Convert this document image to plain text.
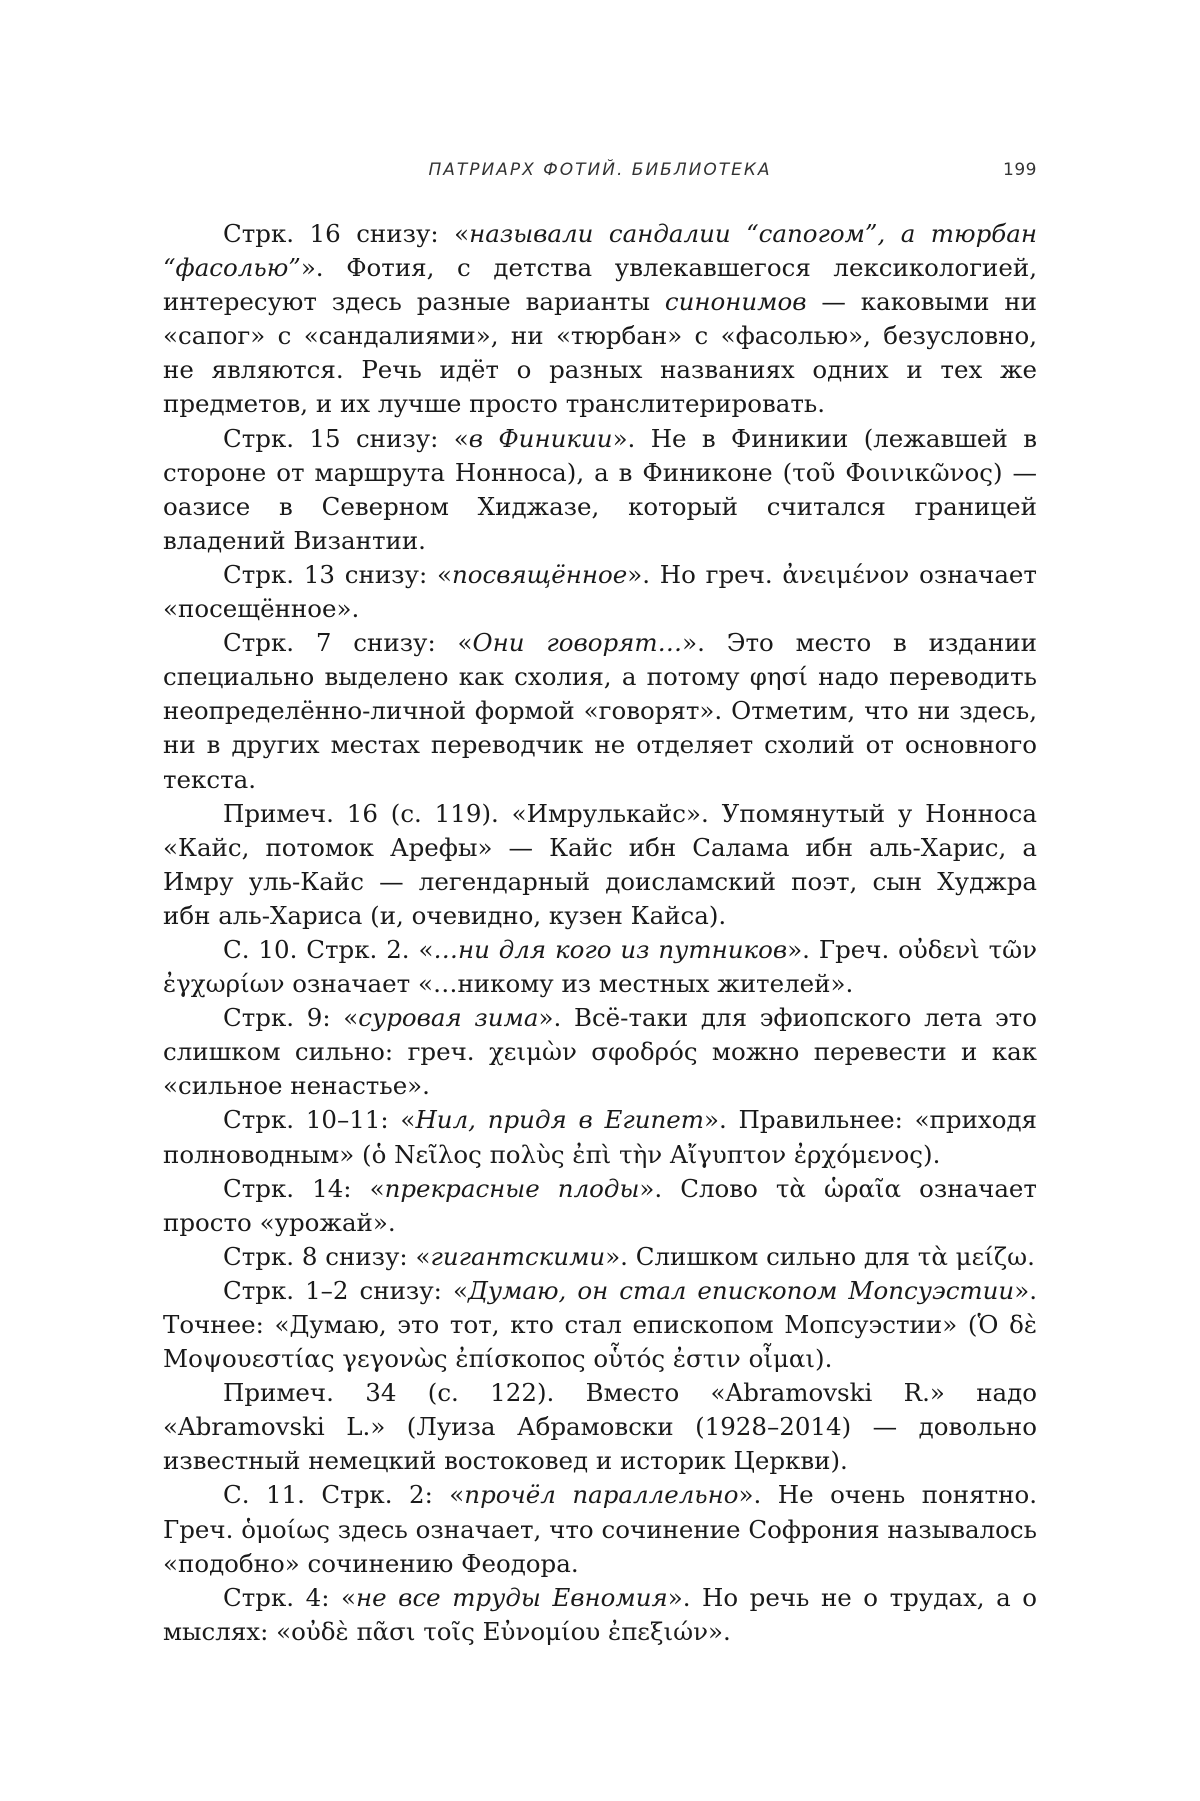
ПАТРИАРХ ФОТИЙ. БИБЛИОТЕКА	199

Стрк. 16 снизу: «называли сандалии “сапогом”, а тюрбан “фасолью”». Фотия, с детства увлекавшегося лексикологией, интересуют здесь разные варианты синонимов — каковыми ни «сапог» с «сандалиями», ни «тюрбан» с «фасолью», безусловно, не являются. Речь идёт о разных названиях одних и тех же предметов, и их лучше просто транслитерировать.

Стрк. 15 снизу: «в Финикии». Не в Финикии (лежавшей в стороне от маршрута Нонноса), а в Финиконе (τοῦ Φοινικῶνος) — оазисе в Северном Хиджазе, который считался границей владений Византии.

Стрк. 13 снизу: «посвящённое». Но греч. ἀνειμένον означает «посещённое».

Стрк. 7 снизу: «Они говорят…». Это место в издании специально выделено как схолия, а потому φησί надо переводить неопределённо-личной формой «говорят». Отметим, что ни здесь, ни в других местах переводчик не отделяет схолий от основного текста.

Примеч. 16 (с. 119). «Имрулькайс». Упомянутый у Нонноса «Кайс, потомок Арефы» — Кайс ибн Салама ибн аль-Харис, а Имру уль-Кайс — легендарный доисламский поэт, сын Худжра ибн аль-Хариса (и, очевидно, кузен Кайса).

С. 10. Стрк. 2. «…ни для кого из путников». Греч. οὐδενὶ τῶν ἐγχωρίων означает «…никому из местных жителей».

Стрк. 9: «суровая зима». Всё-таки для эфиопского лета это слишком сильно: греч. χειμὼν σφοδρός можно перевести и как «сильное ненастье».

Стрк. 10–11: «Нил, придя в Египет». Правильнее: «приходя полноводным» (ὁ Νεῖλος πολὺς ἐπὶ τὴν Αἴγυπτον ἐρχόμενος).

Стрк. 14: «прекрасные плоды». Слово τὰ ὡραῖα означает просто «урожай».

Стрк. 8 снизу: «гигантскими». Слишком сильно для τὰ μείζω.

Стрк. 1–2 снизу: «Думаю, он стал епископом Мопсуэстии». Точнее: «Думаю, это тот, кто стал епископом Мопсуэстии» (Ὁ δὲ Μοψουεστίας γεγονὼς ἐπίσκοπος οὗτός ἐστιν οἶμαι).

Примеч. 34 (с. 122). Вместо «Abramovski R.» надо «Abramovski L.» (Луиза Абрамовски (1928–2014) — довольно известный немецкий востоковед и историк Церкви).

С. 11. Стрк. 2: «прочёл параллельно». Не очень понятно. Греч. ὁμοίως здесь означает, что сочинение Софрония называлось «подобно» сочинению Феодора.

Стрк. 4: «не все труды Евномия». Но речь не о трудах, а о мыслях: «οὐδὲ πᾶσι τοῖς Εὐνομίου ἐπεξιών».
